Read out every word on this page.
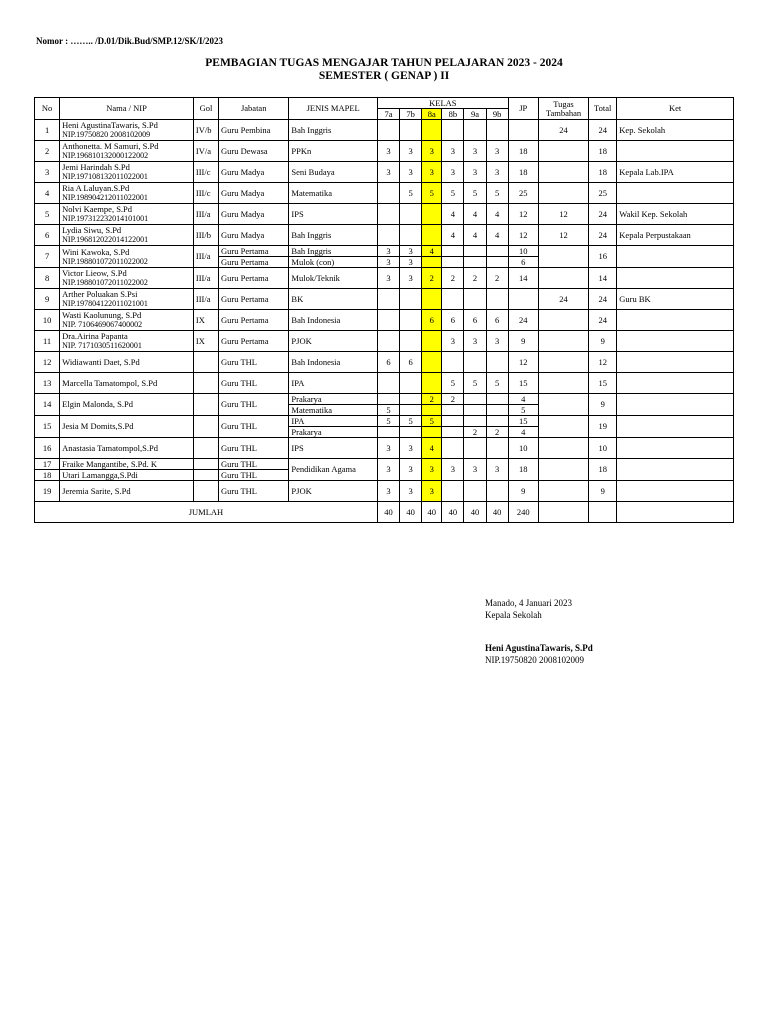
Nomor : …….. /D.01/Dik.Bud/SMP.12/SK/I/2023
PEMBAGIAN TUGAS MENGAJAR TAHUN PELAJARAN 2023 - 2024
SEMESTER ( GENAP ) II
No	Nama / NIP	Gol	Jabatan	JENIS MAPEL	KELAS						JP	Tugas Tambahan	Total	Ket
					7a	7b	8a	8b	9a	9b				
1	Heni AgustinaTawaris, S.Pd
NIP.19750820 2008102009	IV/b	Guru Pembina	Bah Inggris								24	24	Kep. Sekolah
2	Anthonetta. M Samuri, S.Pd
NIP.196810132000122002	IV/a	Guru Dewasa	PPKn	3	3	3	3	3	3	18		18	
3	Jemi Harindah S.Pd
NIP.197108132011022001	III/c	Guru Madya	Seni Budaya	3	3	3	3	3	3	18		18	Kepala Lab.IPA
4	Ria A Laluyan.S.Pd
NIP.198904212011022001	III/c	Guru Madya	Matematika		5	5	5	5	5	25		25	
5	Nolvi Kaempe, S.Pd
NIP.197312232014101001	III/a	Guru Madya	IPS				4	4	4	12	12	24	Wakil Kep. Sekolah
6	Lydia Siwu, S.Pd
NIP.196812022014122001	III/b	Guru Madya	Bah Inggris				4	4	4	12	12	24	Kepala Perpustakaan
7	Wini Kawoka, S.Pd
NIP.198801072011022002	III/a	Guru Pertama	Bah Inggris	3	3	4				10		16	
			Guru Pertama	Mulok (con)	3	3					6			
8	Victor Lieow, S.Pd
NIP.198801072011022002	III/a	Guru Pertama	Mulok/Teknik	3	3	2	2	2	2	14		14	
9	Arther Poluakan S.Psi
NIP.197804122011021001	III/a	Guru Pertama	BK								24	24	Guru BK
10	Wasti Kaolunung, S.Pd
NIP. 7106469067400002	IX	Guru Pertama	Bah Indonesia			6	6	6	6	24		24	
11	Dra.Airina Papanta
NIP. 7171030511620001	IX	Guru Pertama	PJOK				3	3	3	9		9	
12	Widiawanti Daet, S.Pd		Guru THL	Bah Indonesia	6	6					12		12	
13	Marcella Tamatompol, S.Pd		Guru THL	IPA				5	5	5	15		15	
14	Elgin Malonda, S.Pd		Guru THL	Prakarya			2	2			4		9	
				Matematika	5						5			
15	Jesia M Domits,S.Pd		Guru THL	IPA	5	5	5				15		19	
				Prakarya					2	2	4			
16	Anastasia Tamatompol,S.Pd		Guru THL	IPS	3	3	4				10		10	
17	Fraike Mangantibe, S.Pd. K		Guru THL	Pendidikan Agama	3	3	3	3	3	3	18		18	
18	Utari Lamangga,S.Pdi		Guru THL											
19	Jeremia Sarite, S.Pd		Guru THL	PJOK	3	3	3				9		9	
JUMLAH					40	40	40	40	40	40	240			
Manado, 4 Januari 2023
Kepala Sekolah
Heni AgustinaTawaris, S.Pd
NIP.19750820 2008102009
